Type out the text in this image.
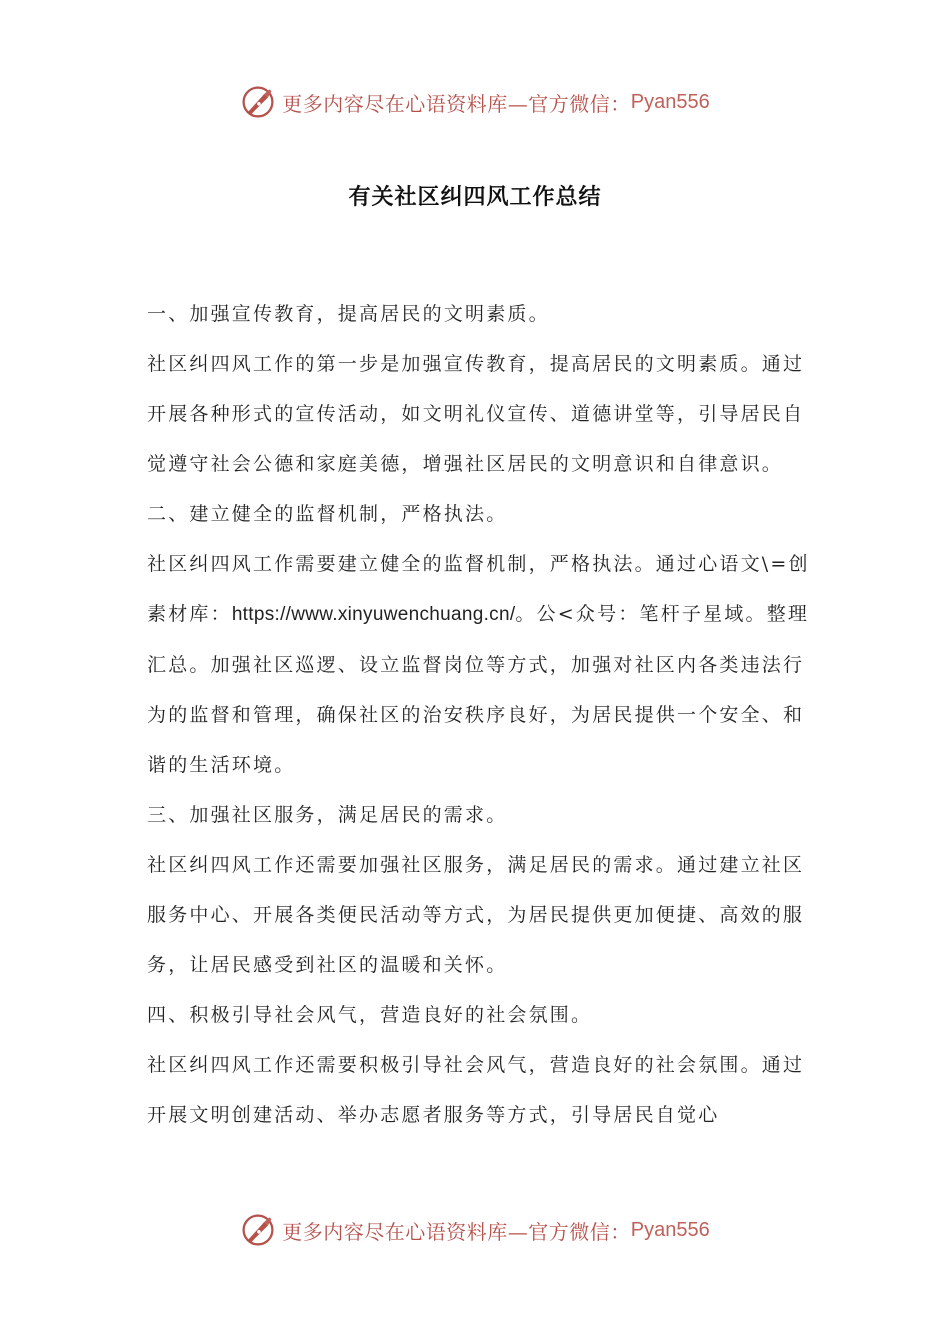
更多内容尽在心语资料库—官方微信： Pyan556
有关社区纠四风工作总结

一、加强宣传教育，提高居民的文明素质。

社区纠四风工作的第一步是加强宣传教育，提高居民的文明素质。通过开展各种形式的宣传活动，如文明礼仪宣传、道德讲堂等，引导居民自觉遵守社会公德和家庭美德，增强社区居民的文明意识和自律意识。

二、建立健全的监督机制，严格执法。

社区纠四风工作需要建立健全的监督机制，严格执法。通过心语文\=创素材库：https://www.xinyuwenchuang.cn/。公<众号：笔杆子星域。整理汇总。加强社区巡逻、设立监督岗位等方式，加强对社区内各类违法行为的监督和管理，确保社区的治安秩序良好，为居民提供一个安全、和谐的生活环境。

三、加强社区服务，满足居民的需求。

社区纠四风工作还需要加强社区服务，满足居民的需求。通过建立社区服务中心、开展各类便民活动等方式，为居民提供更加便捷、高效的服务，让居民感受到社区的温暖和关怀。

四、积极引导社会风气，营造良好的社会氛围。

社区纠四风工作还需要积极引导社会风气，营造良好的社会氛围。通过开展文明创建活动、举办志愿者服务等方式，引导居民自觉心

更多内容尽在心语资料库—官方微信： Pyan556
